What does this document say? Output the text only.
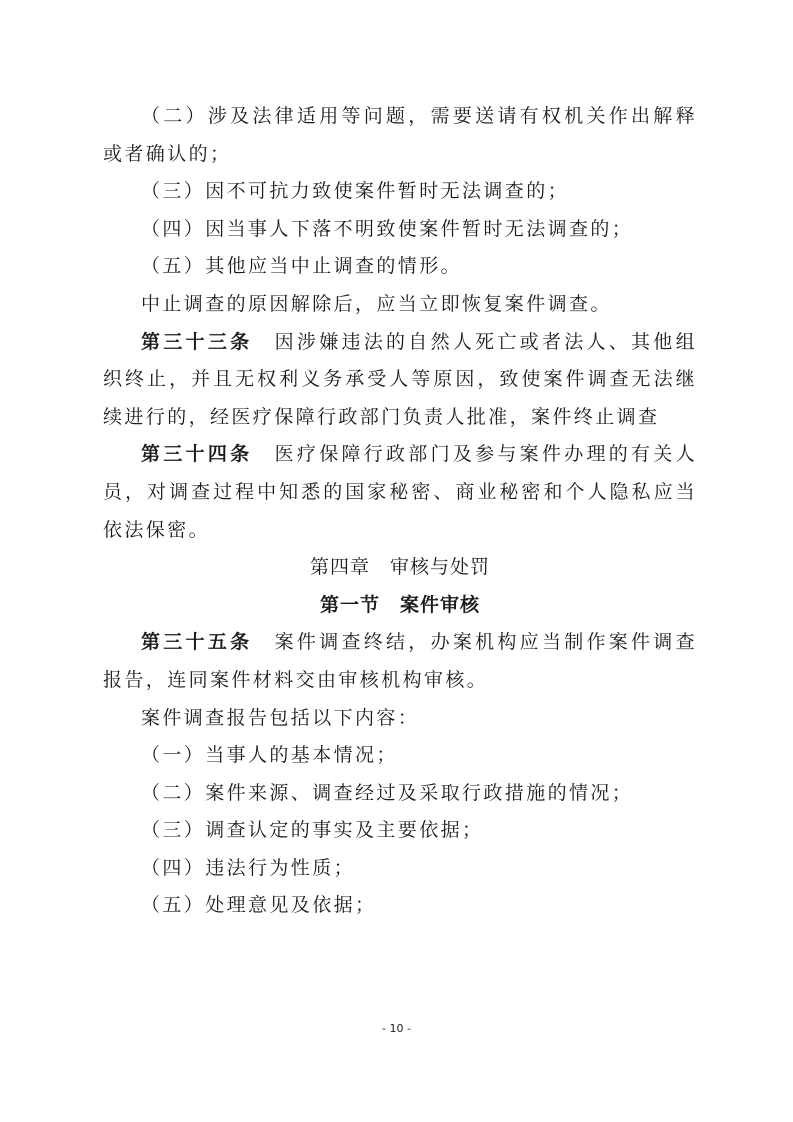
（二）涉及法律适用等问题，需要送请有权机关作出解释或者确认的；

（三）因不可抗力致使案件暂时无法调查的；

（四）因当事人下落不明致使案件暂时无法调查的；

（五）其他应当中止调查的情形。

中止调查的原因解除后，应当立即恢复案件调查。

第三十三条　 因涉嫌违法的自然人死亡或者法人、其他组织终止，并且无权利义务承受人等原因，致使案件调查无法继续进行的，经医疗保障行政部门负责人批准，案件终止调查

第三十四条　 医疗保障行政部门及参与案件办理的有关人员，对调查过程中知悉的国家秘密、商业秘密和个人隐私应当依法保密。

第四章　审核与处罚

第一节　案件审核

第三十五条　 案件调查终结，办案机构应当制作案件调查报告，连同案件材料交由审核机构审核。

案件调查报告包括以下内容：

（一）当事人的基本情况；

（二）案件来源、调查经过及采取行政措施的情况；

（三）调查认定的事实及主要依据；

（四）违法行为性质；

（五）处理意见及依据；

- 10 -
